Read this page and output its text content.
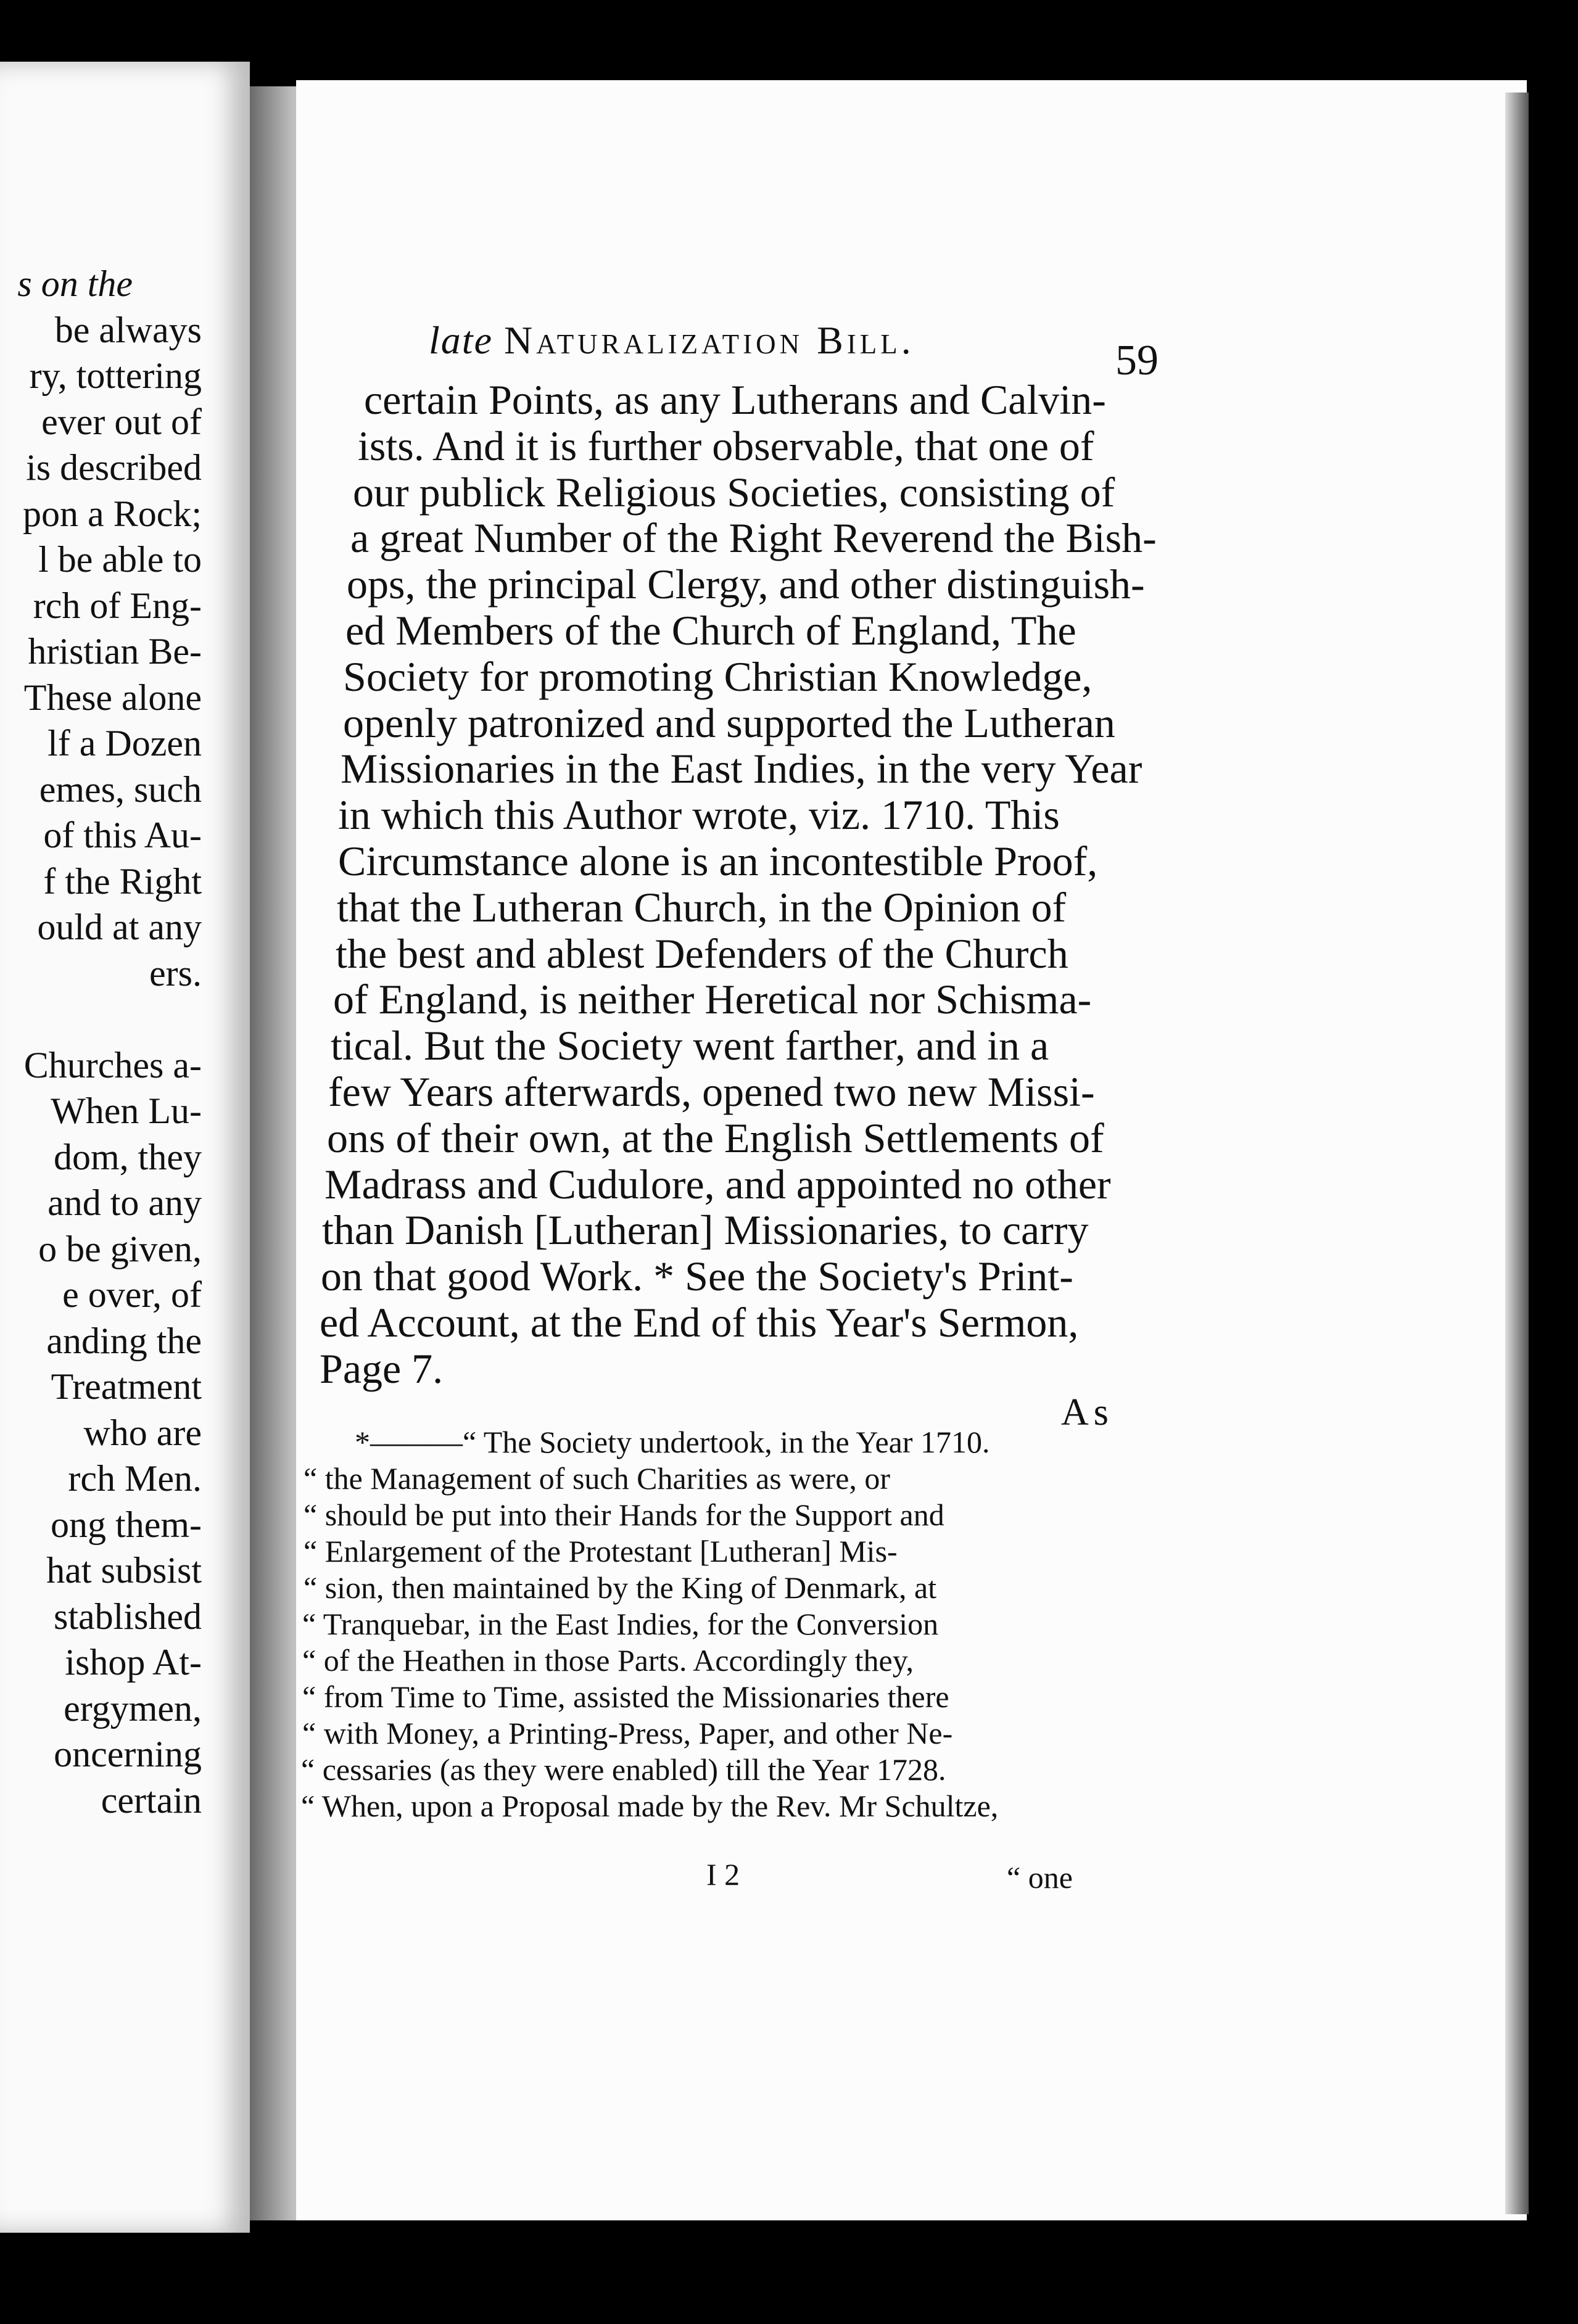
s on the
be always
ry, tottering
ever out of
is described
pon a Rock;
l be able to
rch of Eng-
hristian Be-
These alone
lf a Dozen
emes, such
of this Au-
f the Right
ould at any
ers.
Churches a-
When Lu-
dom, they
and to any
o be given,
e over, of
anding the
Treatment
who are
rch Men.
ong them-
hat subsist
stablished
ishop At-
ergymen,
oncerning
certain
late Naturalization Bill.	59
certain Points, as any Lutherans and Calvin-
ists. And it is further observable, that one of
our publick Religious Societies, consisting of
a great Number of the Right Reverend the Bish-
ops, the principal Clergy, and other distinguish-
ed Members of the Church of England, The
Society for promoting Christian Knowledge,
openly patronized and supported the Lutheran
Missionaries in the East Indies, in the very Year
in which this Author wrote, viz. 1710. This
Circumstance alone is an incontestible Proof,
that the Lutheran Church, in the Opinion of
the best and ablest Defenders of the Church
of England, is neither Heretical nor Schisma-
tical. But the Society went farther, and in a
few Years afterwards, opened two new Missi-
ons of their own, at the English Settlements of
Madrass and Cudulore, and appointed no other
than Danish [Lutheran] Missionaries, to carry
on that good Work. * See the Society's Print-
ed Account, at the End of this Year's Sermon,
Page 7.
As
*———“ The Society undertook, in the Year 1710.
“ the Management of such Charities as were, or
“ should be put into their Hands for the Support and
“ Enlargement of the Protestant [Lutheran] Mis-
“ sion, then maintained by the King of Denmark, at
“ Tranquebar, in the East Indies, for the Conversion
“ of the Heathen in those Parts. Accordingly they,
“ from Time to Time, assisted the Missionaries there
“ with Money, a Printing-Press, Paper, and other Ne-
“ cessaries (as they were enabled) till the Year 1728.
“ When, upon a Proposal made by the Rev. Mr Schultze,
I 2	“ one
